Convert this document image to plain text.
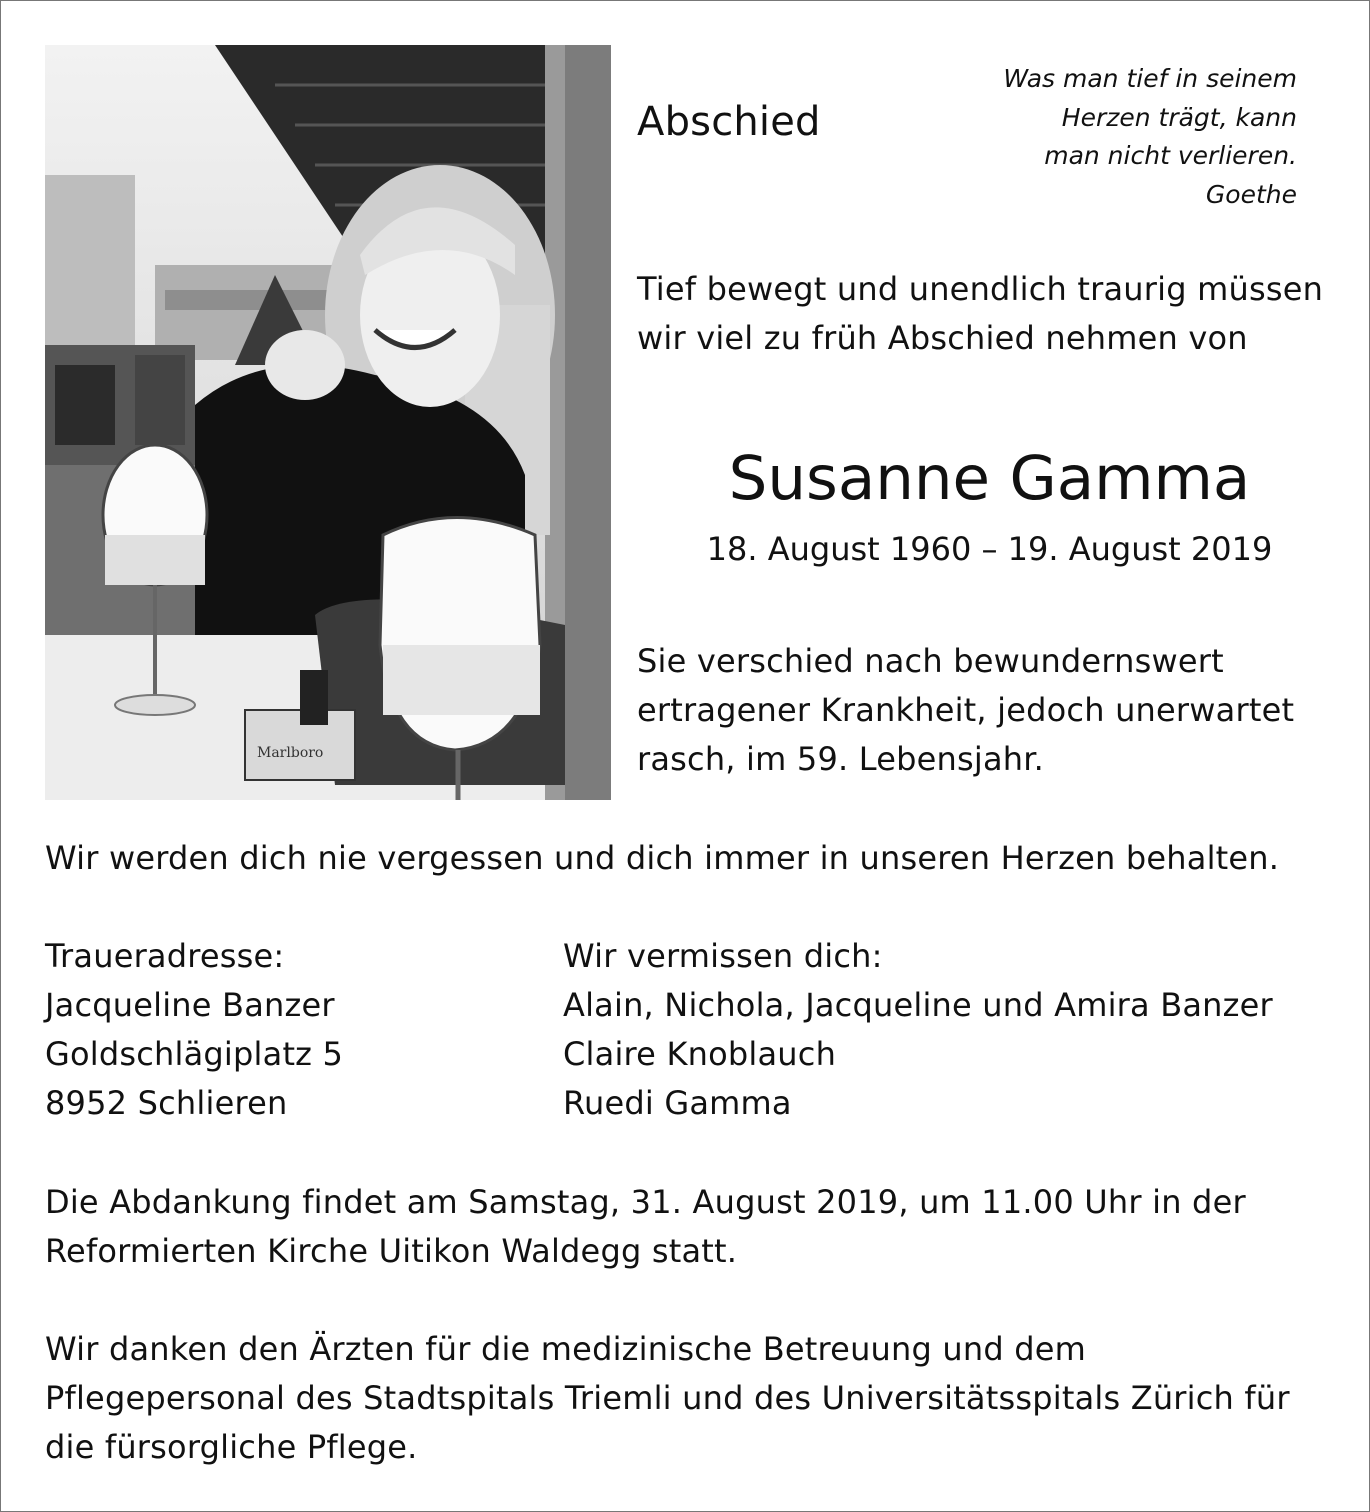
Marlboro
Abschied
Was man tief in seinem
Herzen trägt, kann
man nicht verlieren.
Goethe
Tief bewegt und unendlich traurig müssen
wir viel zu früh Abschied nehmen von
Susanne Gamma
18. August 1960 – 19. August 2019
Sie verschied nach bewundernswert
ertragener Krankheit, jedoch unerwartet
rasch, im 59. Lebensjahr.
Wir werden dich nie vergessen und dich immer in unseren Herzen behalten.
Traueradresse:
Jacqueline Banzer
Goldschlägiplatz 5
8952 Schlieren
Wir vermissen dich:
Alain, Nichola, Jacqueline und Amira Banzer
Claire Knoblauch
Ruedi Gamma
Die Abdankung findet am Samstag, 31. August 2019, um 11.00 Uhr in der
Reformierten Kirche Uitikon Waldegg statt.
Wir danken den Ärzten für die medizinische Betreuung und dem
Pflegepersonal des Stadtspitals Triemli und des Universitätsspitals Zürich für
die fürsorgliche Pflege.
